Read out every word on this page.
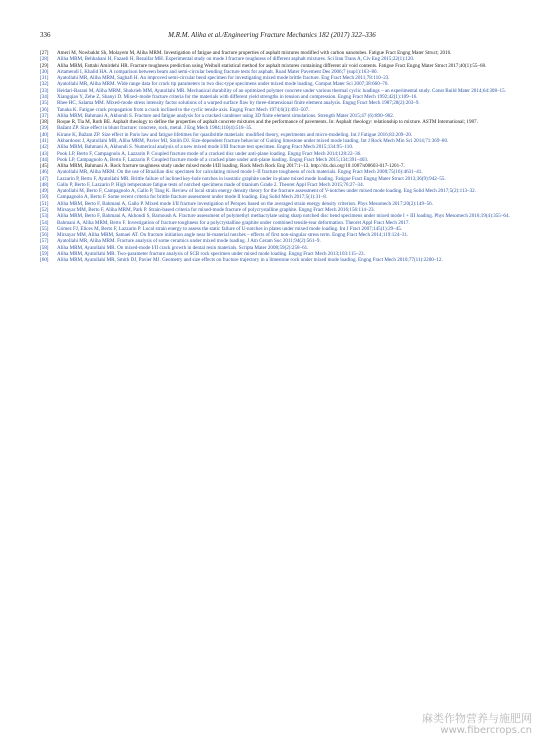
336	M.R.M. Aliha et al./Engineering Fracture Mechanics 182 (2017) 322–336
[27]	Ameri M, Nowbakht Sh, Molayem M, Aliha MRM. Investigation of fatigue and fracture properties of asphalt mixtures modified with carbon nanotubes. Fatigue Fract Engng Mater Struct; 2016.
[28]	Aliha MRM, Behbahani H, Fazaeli H, Rezaifar MH. Experimental study on mode I fracture toughness of different asphalt mixtures. Sci Iran Trans A, Civ Eng 2015;22(1):120.
[29]	Aliha MRM, Fattahi Amirdehi HR. Fracture toughness prediction using Weibull statistical method for asphalt mixtures containing different air void contents. Fatigue Fract Engng Mater Struct 2017;40(1):55–68.
[30]	Artamendi I, Khalid HA. A comparison between beam and semi-circular bending fracture tests for asphalt. Road Mater Pavement Des 2006;7 (sup1):163–80.
[31]	Ayatollahi MR, Aliha MRM, Saghafi H. An improved semi-circular bend specimen for investigating mixed mode brittle fracture. Eng Fract Mech 2011;78:110–23.
[32]	Ayatollahi MR, Aliha MRM. Wide range data for crack tip parameters in two disc-type specimens under mixed mode loading. Comput Mater Sci 2007;38:660–70.
[33]	Heidari-Rarani M, Aliha MRM, Shokrieh MM, Ayatollahi MR. Mechanical durability of an optimized polymer concrete under various thermal cyclic loadings – an experimental study. Const Build Mater 2014;64:308–15.
[34]	Xiangqiao Y, Zehe Z, Shanyi D. Mixed–mode fracture criteria for the materials with different yield strengths in tension and compression. Engng Fract Mech 1992;42(1):109–16.
[35]	Rhee HC, Salama MM. Mixed-mode stress intensity factor solutions of a warped surface flaw by three-dimensional finite element analysis. Engng Fract Mech 1987;28(2):203–9.
[36]	Tanaka K. Fatigue crack propagation from a crack inclined to the cyclic tensile axis. Engng Fract Mech 1974;6(3):493–507.
[37]	Aliha MRM, Bahmani A, Akhondi S. Fracture and fatigue analysis for a cracked carabiner using 3D finite element simulations. Strength Mater 2015;47 (6):890–902.
[38]	Roque R, Tia M, Ruth BE. Asphalt rheology to define the properties of asphalt concrete mixtures and the performance of pavements. In: Asphalt rheology: relationship to mixture. ASTM International; 1987.
[39]	Bažant ZP. Size effect in blunt fracture: concrete, rock, metal. J Eng Mech 1984;110(4):518–35.
[40]	Kirane K, Bažant ZP. Size effect in Paris law and fatigue lifetimes for quasibrittle materials: modified theory, experiments and micro-modeling. Int J Fatigue 2016;83:209–20.
[41]	Akbardoost J, Ayatollahi MR, Aliha MRM, Pavier MJ, Smith DJ. Size-dependent fracture behavior of Guiting limestone under mixed mode loading. Int J Rock Mech Min Sci 2014;71:369–80.
[42]	Aliha MRM, Bahmani A, Akhondi S. Numerical analysis of a new mixed mode I/III fracture test specimen. Engng Fract Mech 2015;134:95–110.
[43]	Pook LP, Berto F, Campagnolo A, Lazzarin P. Coupled fracture mode of a cracked disc under anti-plane loading. Engng Fract Mech 2014;128:22–36.
[44]	Pook LP, Campagnolo A, Berto F, Lazzarin P. Coupled fracture mode of a cracked plate under anti-plane loading. Engng Fract Mech 2015;134:391–403.
[45]	Aliha MRM, Bahmani A. Rock fracture toughness study under mixed mode I/III loading. Rock Mech Rock Eng 2017:1–13. http://dx.doi.org/10.1007/s00603-017-1201-7.
[46]	Ayatollahi MR, Aliha MRM. On the use of Brazilian disc specimen for calculating mixed mode I–II fracture toughness of rock materials. Engng Fract Mech 2008;75(16):4631–41.
[47]	Lazzarin P, Berto F, Ayatollahi MR. Brittle failure of inclined key-hole notches in isostatic graphite under in-plane mixed mode loading. Fatigue Fract Engng Mater Struct 2013;36(9):942–55.
[48]	Gallo P, Berto F, Lazzarin P. High temperature fatigue tests of notched specimens made of titanium Grade 2. Theoret Appl Fract Mech 2015;76:27–34.
[49]	Ayatollahi M, Berto F, Campagnolo A, Gallo P, Tang K. Review of local strain energy density theory for the fracture assessment of V-notches under mixed mode loading. Eng Solid Mech 2017;5(2):113–32.
[50]	Campagnolo A, Berto F. Some recent criteria for brittle fracture assessment under mode II loading. Eng Solid Mech 2017;5(1):31–8.
[51]	Aliha MRM, Berto F, Bahmani A, Gallo P. Mixed mode I/II fracture investigation of Perspex based on the averaged strain energy density criterion. Phys Mesomech 2017;20(2):149–56.
[52]	Mirsayar MM, Berto F, Aliha MRM, Park P. Strain-based criteria for mixed-mode fracture of polycrystalline graphite. Engng Fract Mech 2016;156:114–23.
[53]	Aliha MRM, Berto F, Bahmani A, Akhondi S, Barnoush A. Fracture assessment of polymethyl methacrylate using sharp notched disc bend specimens under mixed mode I + III loading. Phys Mesomech 2016;19(4):355–64.
[54]	Bahmani A, Aliha MRM, Berto F. Investigation of fracture toughness for a polycrystalline graphite under combined tensile-tear deformation. Theoret Appl Fract Mech 2017.
[55]	Gómez FJ, Elices M, Berto F, Lazzarin P. Local strain energy to assess the static failure of U-notches in plates under mixed mode loading. Int J Fract 2007;145(1):29–45.
[56]	Mirsayar MM, Aliha MRM, Samaei AT. On fracture initiation angle near bi-material notches – effects of first non-singular stress term. Engng Fract Mech 2014;119:124–31.
[57]	Ayatollahi MR, Aliha MRM. Fracture analysis of some ceramics under mixed mode loading. J Am Ceram Soc 2011;94(2):561–9.
[58]	Aliha MRM, Ayatollahi MR. On mixed-mode I/II crack growth in dental resin materials. Scripta Mater 2008;59(2):258–61.
[59]	Aliha MRM, Ayatollahi MR. Two-parameter fracture analysis of SCB rock specimen under mixed mode loading. Engng Fract Mech 2013;103:115–23.
[60]	Aliha MRM, Ayatollahi MR, Smith DJ, Pavier MJ. Geometry and size effects on fracture trajectory in a limestone rock under mixed mode loading. Engng Fract Mech 2010;77(11):2200–12.
麻类作物营养与施肥网
www.fibercrops.cn
